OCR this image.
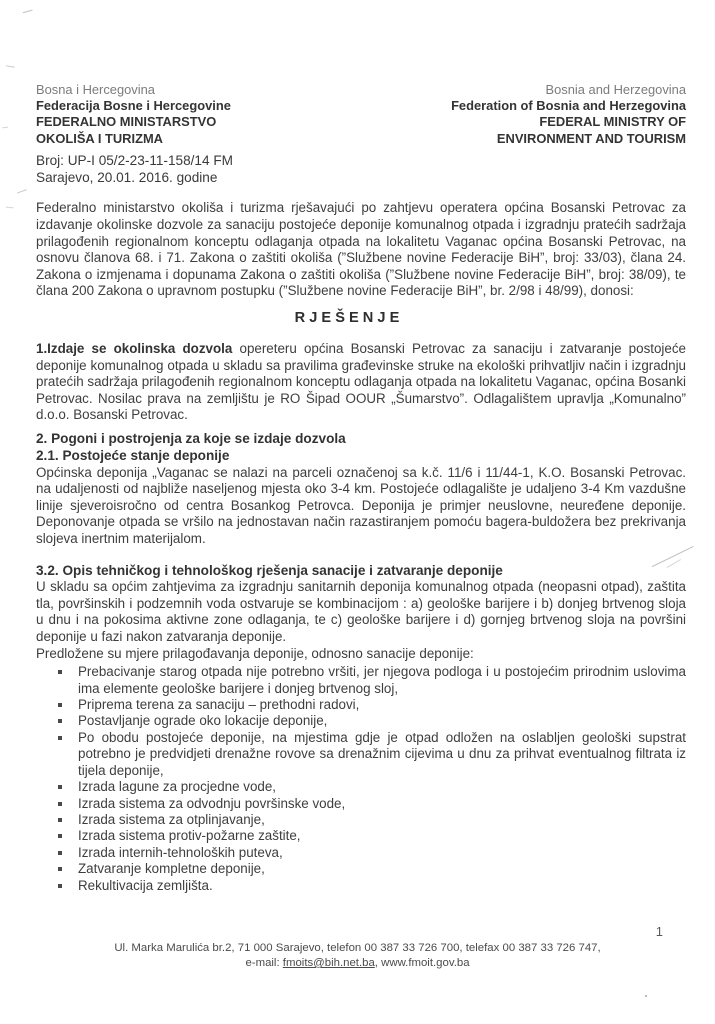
Bosna i Hercegovina
Federacija Bosne i Hercegovine
FEDERALNO MINISTARSTVO
OKOLIŠA I TURIZMA
Bosnia and Herzegovina
Federation of Bosnia and Herzegovina
FEDERAL MINISTRY OF
ENVIRONMENT AND TOURISM
Broj: UP-I 05/2-23-11-158/14 FM
Sarajevo, 20.01. 2016. godine

Federalno ministarstvo okoliša i turizma rješavajući po zahtjevu operatera općina Bosanski Petrovac za izdavanje okolinske dozvole za sanaciju postojeće deponije komunalnog otpada i izgradnju pratećih sadržaja prilagođenih regionalnom konceptu odlaganja otpada na lokalitetu Vaganac općina Bosanski Petrovac, na osnovu članova 68. i 71. Zakona o zaštiti okoliša (”Službene novine Federacije BiH”, broj: 33/03), člana 24. Zakona o izmjenama i dopunama Zakona o zaštiti okoliša (”Službene novine Federacije BiH”, broj: 38/09), te člana 200 Zakona o upravnom postupku (”Službene novine Federacije BiH”, br. 2/98 i 48/99), donosi:

R J E Š E N J E

1.Izdaje se okolinska dozvola opereteru općina Bosanski Petrovac za sanaciju i zatvaranje postojeće deponije komunalnog otpada u skladu sa pravilima građevinske struke na ekološki prihvatljiv način i izgradnju pratećih sadržaja prilagođenih regionalnom konceptu odlaganja otpada na lokalitetu Vaganac, općina Bosanki Petrovac. Nosilac prava na zemljištu je RO Šipad OOUR „Šumarstvo”. Odlagalištem upravlja „Komunalno” d.o.o. Bosanski Petrovac.

2. Pogoni i postrojenja za koje se izdaje dozvola

2.1. Postojeće stanje deponije

Općinska deponija „Vaganac se nalazi na parceli označenoj sa k.č. 11/6 i 11/44-1, K.O. Bosanski Petrovac. na udaljenosti od najbliže naseljenog mjesta oko 3-4 km. Postojeće odlagalište je udaljeno 3-4 Km vazdušne linije sjeveroisročno od centra Bosankog Petrovca. Deponija je primjer neuslovne, neuređene deponije. Deponovanje otpada se vršilo na jednostavan način razastiranjem pomoću bagera-buldožera bez prekrivanja slojeva inertnim materijalom.

3.2. Opis tehničkog i tehnološkog rješenja sanacije i zatvaranje deponije

U skladu sa općim zahtjevima za izgradnju sanitarnih deponija komunalnog otpada (neopasni otpad), zaštita tla, površinskih i podzemnih voda ostvaruje se kombinacijom : a) geološke barijere i b) donjeg brtvenog sloja u dnu i na pokosima aktivne zone odlaganja, te c) geološke barijere i d) gornjeg brtvenog sloja na površini deponije u fazi nakon zatvaranja deponije.

Predložene su mjere prilagođavanja deponije, odnosno sanacije deponije:

Prebacivanje starog otpada nije potrebno vršiti, jer njegova podloga i u postojećim prirodnim uslovima ima elemente geološke barijere i donjeg brtvenog sloj,
Priprema terena za sanaciju – prethodni radovi,
Postavljanje ograde oko lokacije deponije,
Po obodu postojeće deponije, na mjestima gdje je otpad odložen na oslabljen geološki supstrat potrebno je predvidjeti drenažne rovove sa drenažnim cijevima u dnu za prihvat eventualnog filtrata iz tijela deponije,
Izrada lagune za procjedne vode,
Izrada sistema za odvodnju površinske vode,
Izrada sistema za otplinjavanje,
Izrada sistema protiv-požarne zaštite,
Izrada internih-tehnoloških puteva,
Zatvaranje kompletne deponije,
Rekultivacija zemljišta.
1
Ul. Marka Marulića br.2, 71 000 Sarajevo, telefon 00 387 33 726 700, telefax 00 387 33 726 747,
e-mail: fmoits@bih.net.ba, www.fmoit.gov.ba
